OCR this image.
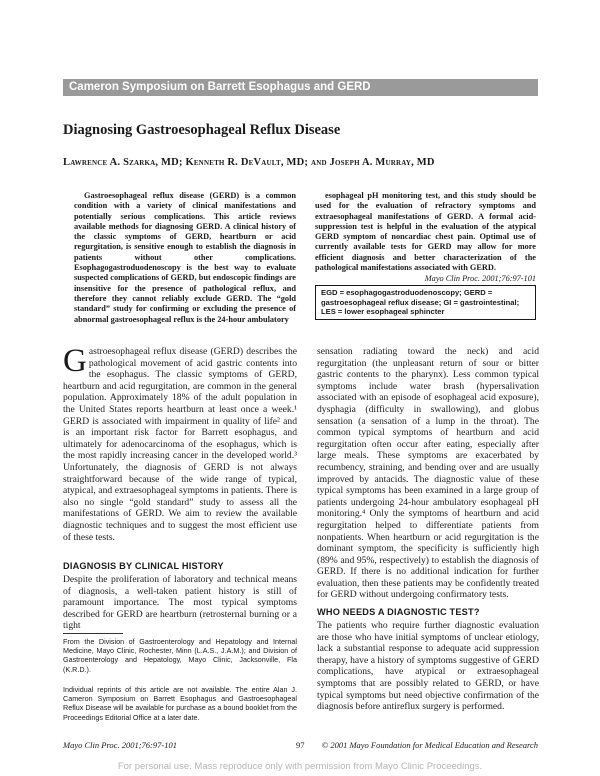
Cameron Symposium on Barrett Esophagus and GERD
Diagnosing Gastroesophageal Reflux Disease
Lawrence A. Szarka, MD; Kenneth R. DeVault, MD; and Joseph A. Murray, MD
Gastroesophageal reflux disease (GERD) is a common condition with a variety of clinical manifestations and potentially serious complications. This article reviews available methods for diagnosing GERD. A clinical history of the classic symptoms of GERD, heartburn or acid regurgitation, is sensitive enough to establish the diagnosis in patients without other complications. Esophagogastroduodenoscopy is the best way to evaluate suspected complications of GERD, but endoscopic findings are insensitive for the presence of pathological reflux, and therefore they cannot reliably exclude GERD. The “gold standard” study for confirming or excluding the presence of abnormal gastroesophageal reflux is the 24-hour ambulatory
esophageal pH monitoring test, and this study should be used for the evaluation of refractory symptoms and extraesophageal manifestations of GERD. A formal acid-suppression test is helpful in the evaluation of the atypical GERD symptom of noncardiac chest pain. Optimal use of currently available tests for GERD may allow for more efficient diagnosis and better characterization of the pathological manifestations associated with GERD.
Mayo Clin Proc. 2001;76:97-101
EGD = esophagogastroduodenoscopy; GERD = gastroesophageal reflux disease; GI = gastrointestinal; LES = lower esophageal sphincter
Gastroesophageal reflux disease (GERD) describes the pathological movement of acid gastric contents into the esophagus. The classic symptoms of GERD, heartburn and acid regurgitation, are common in the general population. Approximately 18% of the adult population in the United States reports heartburn at least once a week.¹ GERD is associated with impairment in quality of life² and is an important risk factor for Barrett esophagus, and ultimately for adenocarcinoma of the esophagus, which is the most rapidly increasing cancer in the developed world.³ Unfortunately, the diagnosis of GERD is not always straightforward because of the wide range of typical, atypical, and extraesophageal symptoms in patients. There is also no single “gold standard” study to assess all the manifestations of GERD. We aim to review the available diagnostic techniques and to suggest the most efficient use of these tests.
DIAGNOSIS BY CLINICAL HISTORY
Despite the proliferation of laboratory and technical means of diagnosis, a well-taken patient history is still of paramount importance. The most typical symptoms described for GERD are heartburn (retrosternal burning or a tight
sensation radiating toward the neck) and acid regurgitation (the unpleasant return of sour or bitter gastric contents to the pharynx). Less common typical symptoms include water brash (hypersalivation associated with an episode of esophageal acid exposure), dysphagia (difficulty in swallowing), and globus sensation (a sensation of a lump in the throat). The common typical symptoms of heartburn and acid regurgitation often occur after eating, especially after large meals. These symptoms are exacerbated by recumbency, straining, and bending over and are usually improved by antacids. The diagnostic value of these typical symptoms has been examined in a large group of patients undergoing 24-hour ambulatory esophageal pH monitoring.⁴ Only the symptoms of heartburn and acid regurgitation helped to differentiate patients from nonpatients. When heartburn or acid regurgitation is the dominant symptom, the specificity is sufficiently high (89% and 95%, respectively) to establish the diagnosis of GERD. If there is no additional indication for further evaluation, then these patients may be confidently treated for GERD without undergoing confirmatory tests.
WHO NEEDS A DIAGNOSTIC TEST?
The patients who require further diagnostic evaluation are those who have initial symptoms of unclear etiology, lack a substantial response to adequate acid suppression therapy, have a history of symptoms suggestive of GERD complications, have atypical or extraesophageal symptoms that are possibly related to GERD, or have typical symptoms but need objective confirmation of the diagnosis before antireflux surgery is performed.
From the Division of Gastroenterology and Hepatology and Internal Medicine, Mayo Clinic, Rochester, Minn (L.A.S., J.A.M.); and Division of Gastroenterology and Hepatology, Mayo Clinic, Jacksonville, Fla (K.R.D.).
Individual reprints of this article are not available. The entire Alan J. Cameron Symposium on Barrett Esophagus and Gastroesophageal Reflux Disease will be available for purchase as a bound booklet from the Proceedings Editorial Office at a later date.
Mayo Clin Proc. 2001;76:97-101	97 © 2001 Mayo Foundation for Medical Education and Research
For personal use. Mass reproduce only with permission from Mayo Clinic Proceedings.
